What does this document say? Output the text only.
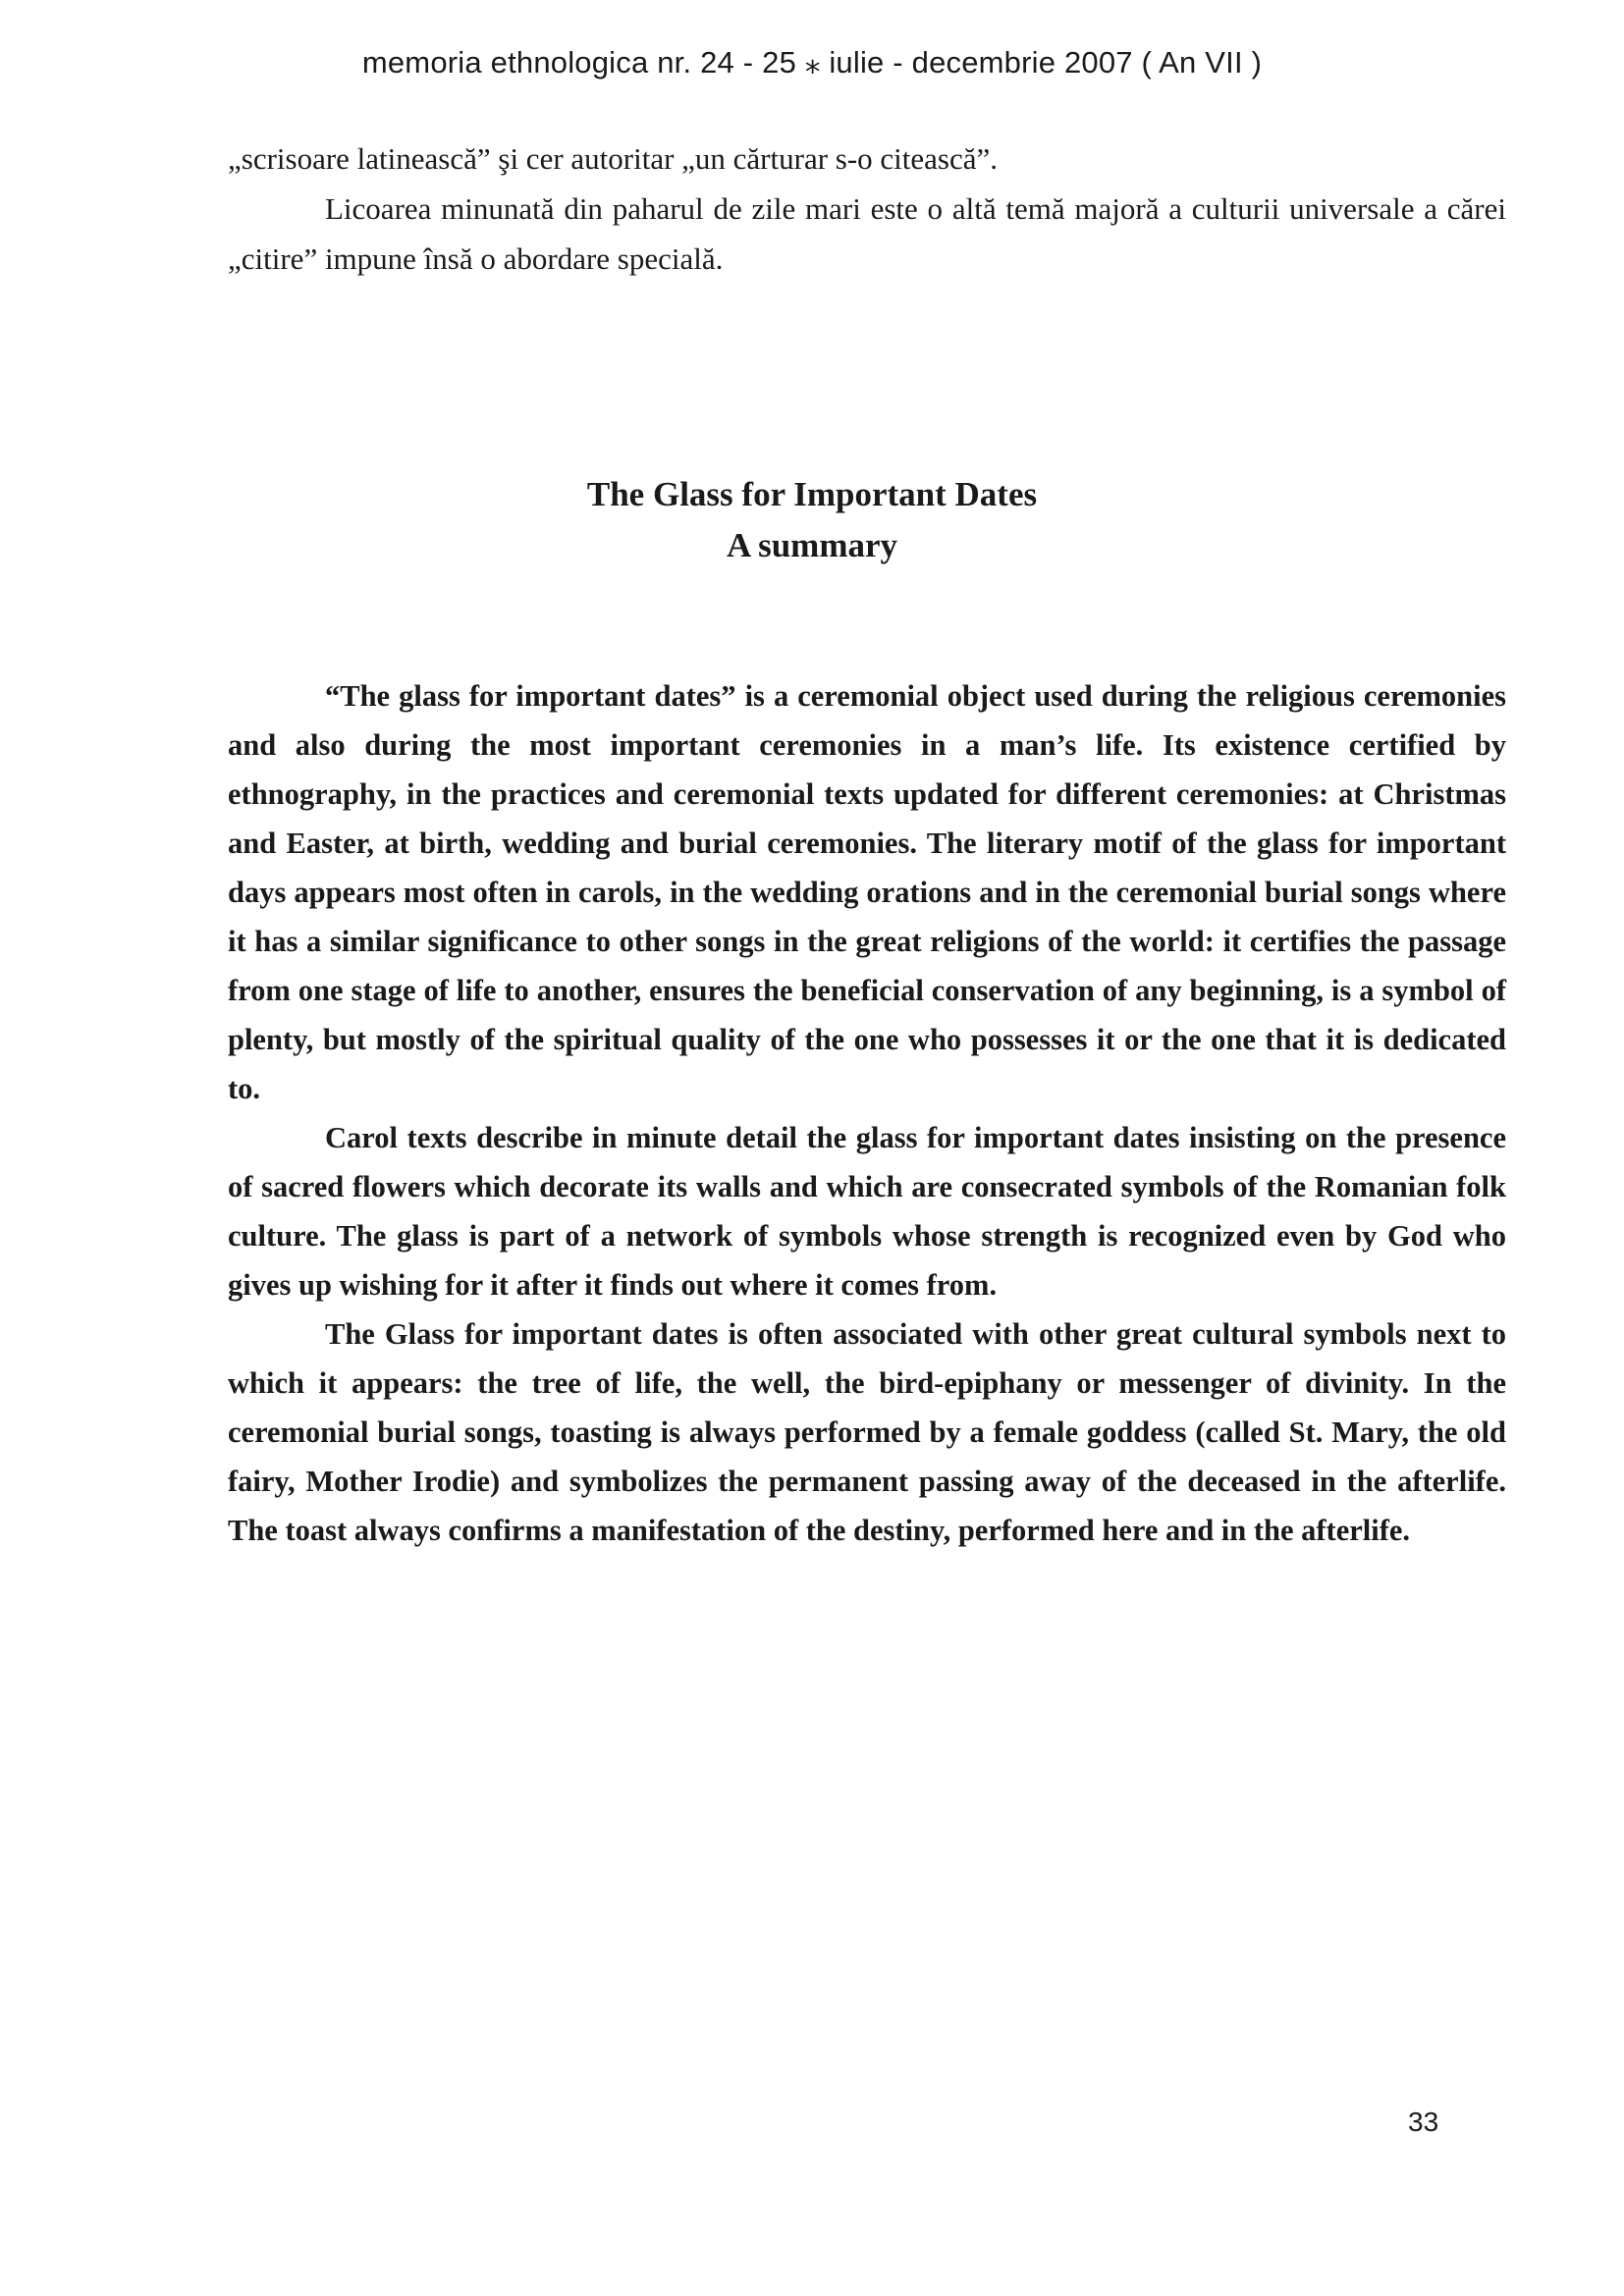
memoria ethnologica nr. 24 - 25 ⁎ iulie - decembrie 2007 ( An VII )

„scrisoare latinească” şi cer autoritar „un cărturar s-o citească”.

Licoarea minunată din paharul de zile mari este o altă temă majoră a culturii universale a cărei „citire” impune însă o abordare specială.

The Glass for Important Dates
A summary

“The glass for important dates” is a ceremonial object used during the religious ceremonies and also during the most important ceremonies in a man’s life. Its existence certified by ethnography, in the practices and ceremonial texts updated for different ceremonies: at Christmas and Easter, at birth, wedding and burial ceremonies. The literary motif of the glass for important days appears most often in carols, in the wedding orations and in the ceremonial burial songs where it has a similar significance to other songs in the great religions of the world: it certifies the passage from one stage of life to another, ensures the beneficial conservation of any beginning, is a symbol of plenty, but mostly of the spiritual quality of the one who possesses it or the one that it is dedicated to.

Carol texts describe in minute detail the glass for important dates insisting on the presence of sacred flowers which decorate its walls and which are consecrated symbols of the Romanian folk culture. The glass is part of a network of symbols whose strength is recognized even by God who gives up wishing for it after it finds out where it comes from.

The Glass for important dates is often associated with other great cultural symbols next to which it appears: the tree of life, the well, the bird-epiphany or messenger of divinity. In the ceremonial burial songs, toasting is always performed by a female goddess (called St. Mary, the old fairy, Mother Irodie) and symbolizes the permanent passing away of the deceased in the afterlife. The toast always confirms a manifestation of the destiny, performed here and in the afterlife.

33
